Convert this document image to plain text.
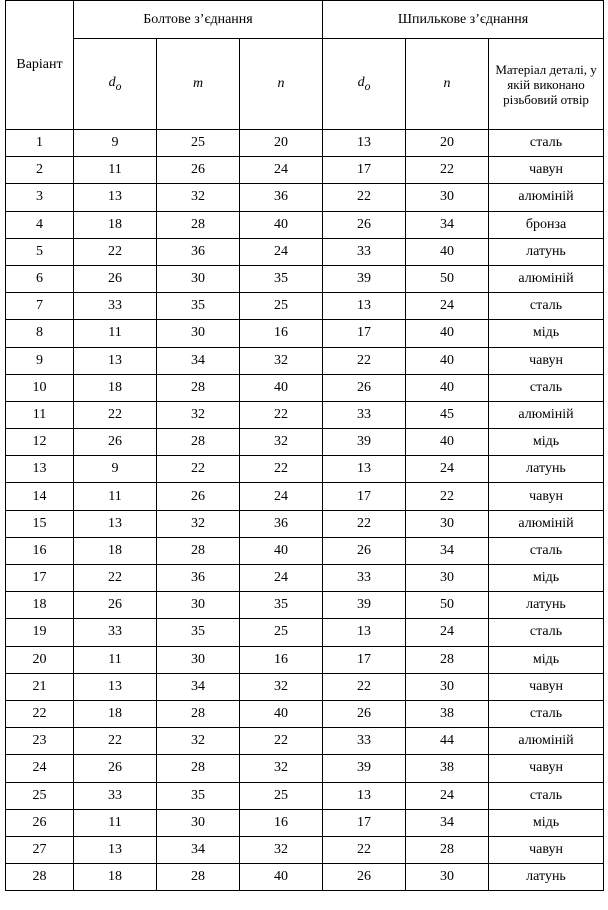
Варіант	Болтове з’єднання			Шпилькове з’єднання		
	$d_o$	m	n	$d_o$	n	Матеріал деталі, у якій виконано різьбовий отвір
1	9	25	20	13	20	сталь
2	11	26	24	17	22	чавун
3	13	32	36	22	30	алюміній
4	18	28	40	26	34	бронза
5	22	36	24	33	40	латунь
6	26	30	35	39	50	алюміній
7	33	35	25	13	24	сталь
8	11	30	16	17	40	мідь
9	13	34	32	22	40	чавун
10	18	28	40	26	40	сталь
11	22	32	22	33	45	алюміній
12	26	28	32	39	40	мідь
13	9	22	22	13	24	латунь
14	11	26	24	17	22	чавун
15	13	32	36	22	30	алюміній
16	18	28	40	26	34	сталь
17	22	36	24	33	30	мідь
18	26	30	35	39	50	латунь
19	33	35	25	13	24	сталь
20	11	30	16	17	28	мідь
21	13	34	32	22	30	чавун
22	18	28	40	26	38	сталь
23	22	32	22	33	44	алюміній
24	26	28	32	39	38	чавун
25	33	35	25	13	24	сталь
26	11	30	16	17	34	мідь
27	13	34	32	22	28	чавун
28	18	28	40	26	30	латунь
